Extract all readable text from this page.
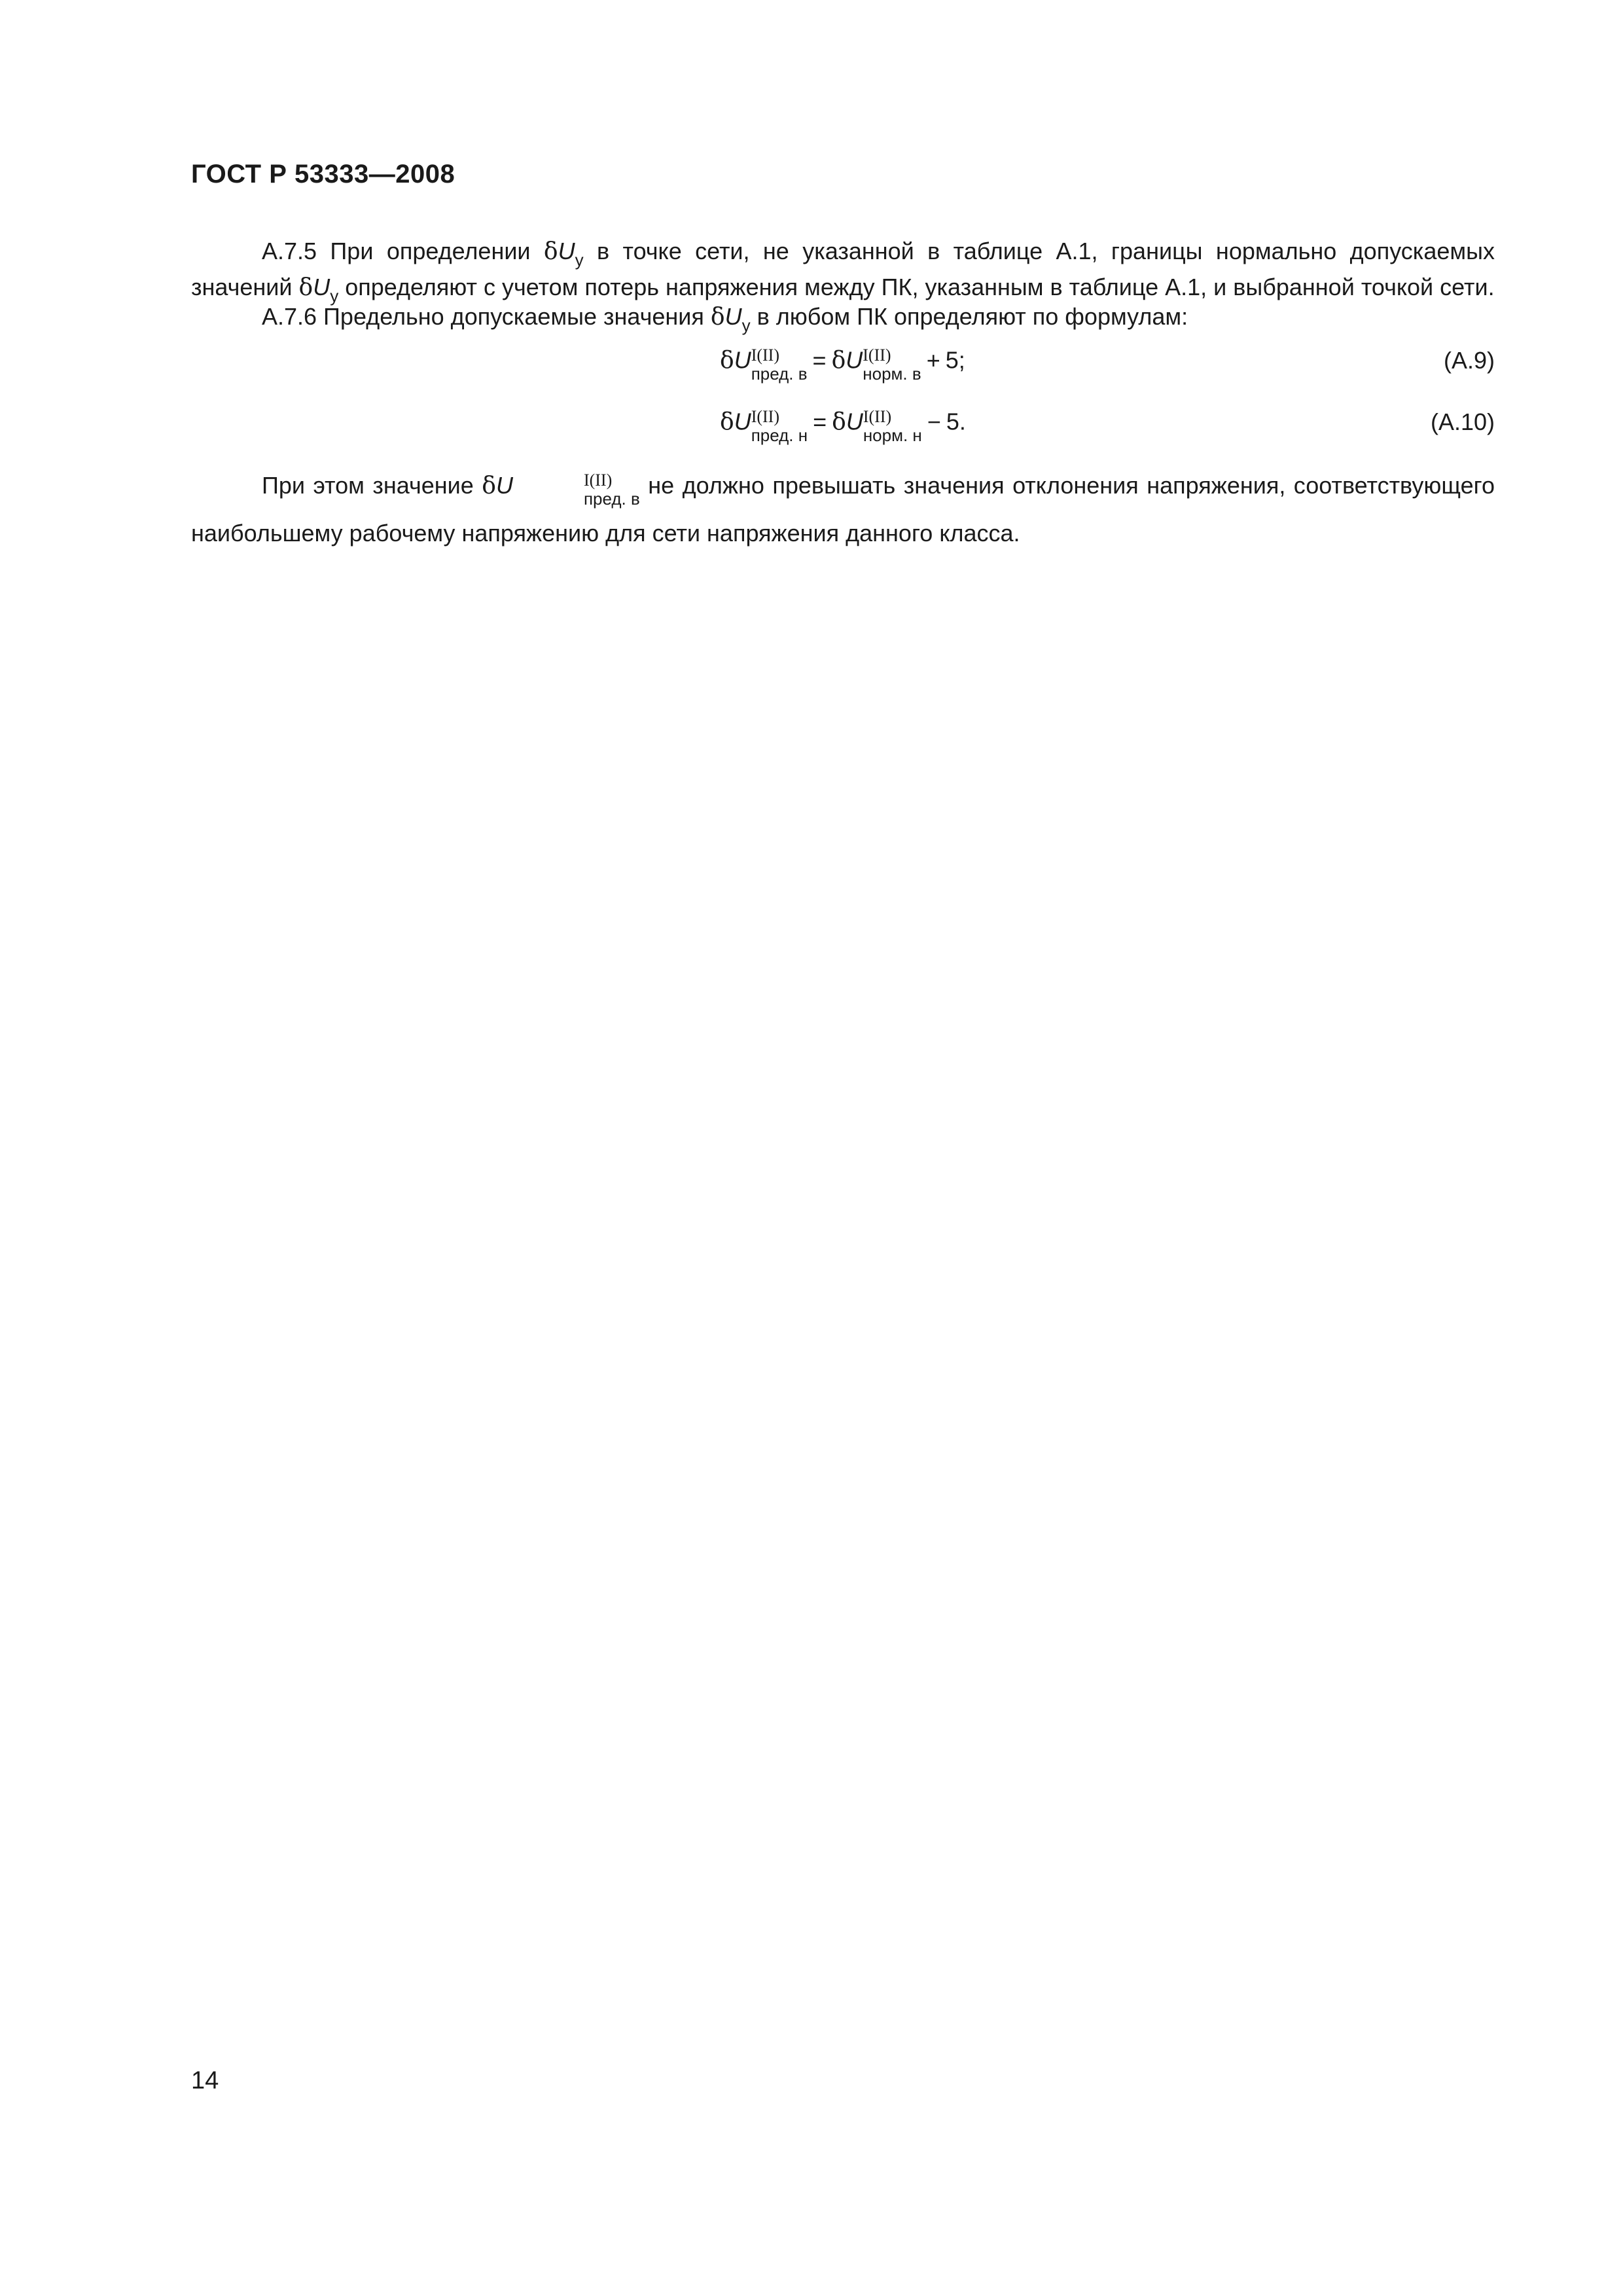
ГОСТ Р 53333—2008
А.7.5 При определении $\delta U_у$ в точке сети, не указанной в таблице А.1, границы нормально допускаемых значений $\delta U_у$ определяют с учетом потерь напряжения между ПК, указанным в таблице А.1, и выбранной точкой сети.
А.7.6 Предельно допускаемые значения $\delta U_у$ в любом ПК определяют по формулам:
δU I(II)
пред. в
= δU I(II)
норм. в
+ 5;	(А.9)
δU I(II)
пред. н
= δU I(II)
норм. н
− 5.	(А.10)
При этом значение δU	I(II)
пред. в
не должно превышать значения отклонения напряжения, соответствующего наибольшему рабочему напряжению для сети напряжения данного класса.
14
